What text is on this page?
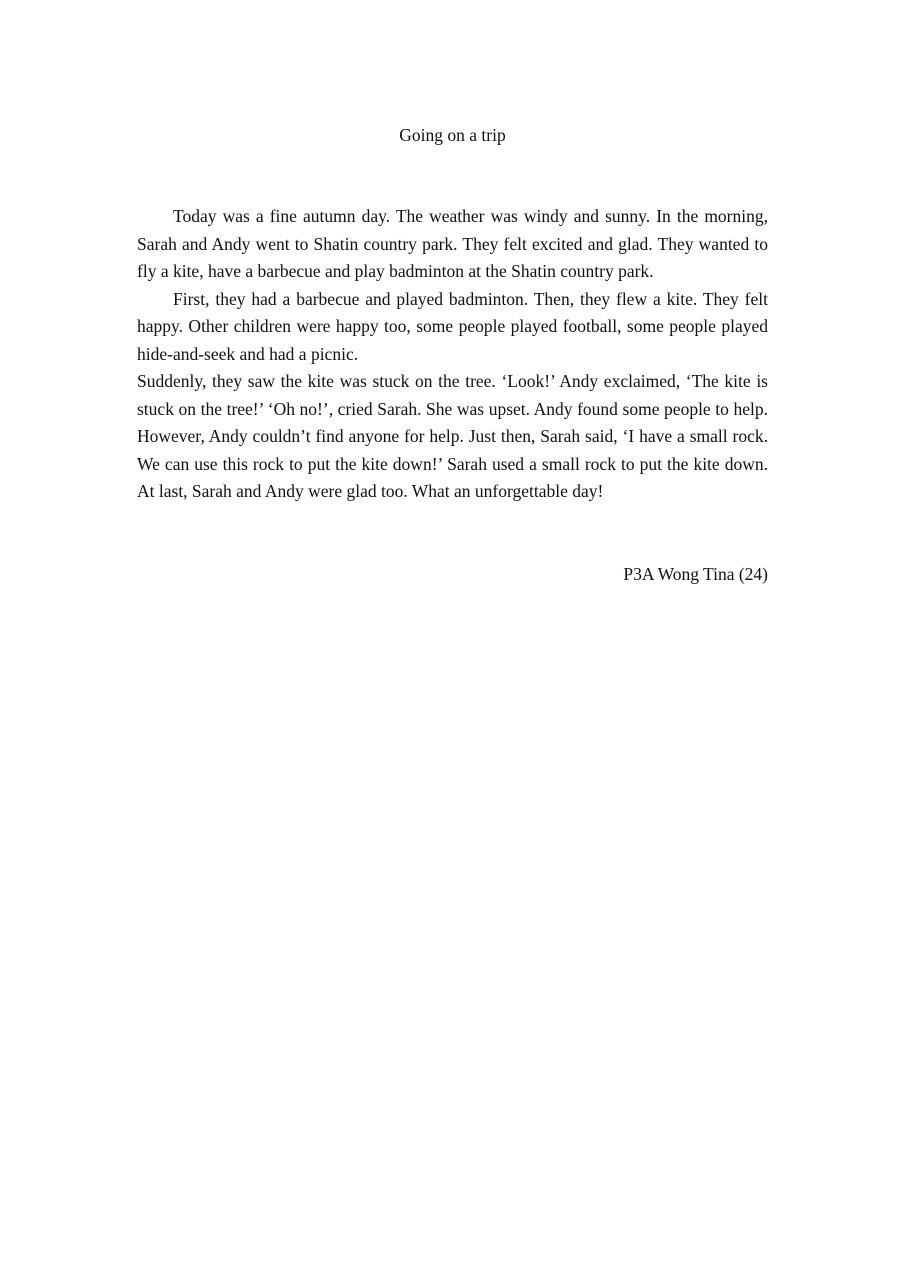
Going on a trip

Today was a fine autumn day. The weather was windy and sunny. In the morning, Sarah and Andy went to Shatin country park. They felt excited and glad. They wanted to fly a kite, have a barbecue and play badminton at the Shatin country park.

First, they had a barbecue and played badminton. Then, they flew a kite. They felt happy. Other children were happy too, some people played football, some people played hide-and-seek and had a picnic.

Suddenly, they saw the kite was stuck on the tree. ‘Look!’ Andy exclaimed, ‘The kite is stuck on the tree!’ ‘Oh no!’, cried Sarah. She was upset. Andy found some people to help. However, Andy couldn’t find anyone for help. Just then, Sarah said, ‘I have a small rock. We can use this rock to put the kite down!’ Sarah used a small rock to put the kite down. At last, Sarah and Andy were glad too. What an unforgettable day!

P3A Wong Tina (24)
